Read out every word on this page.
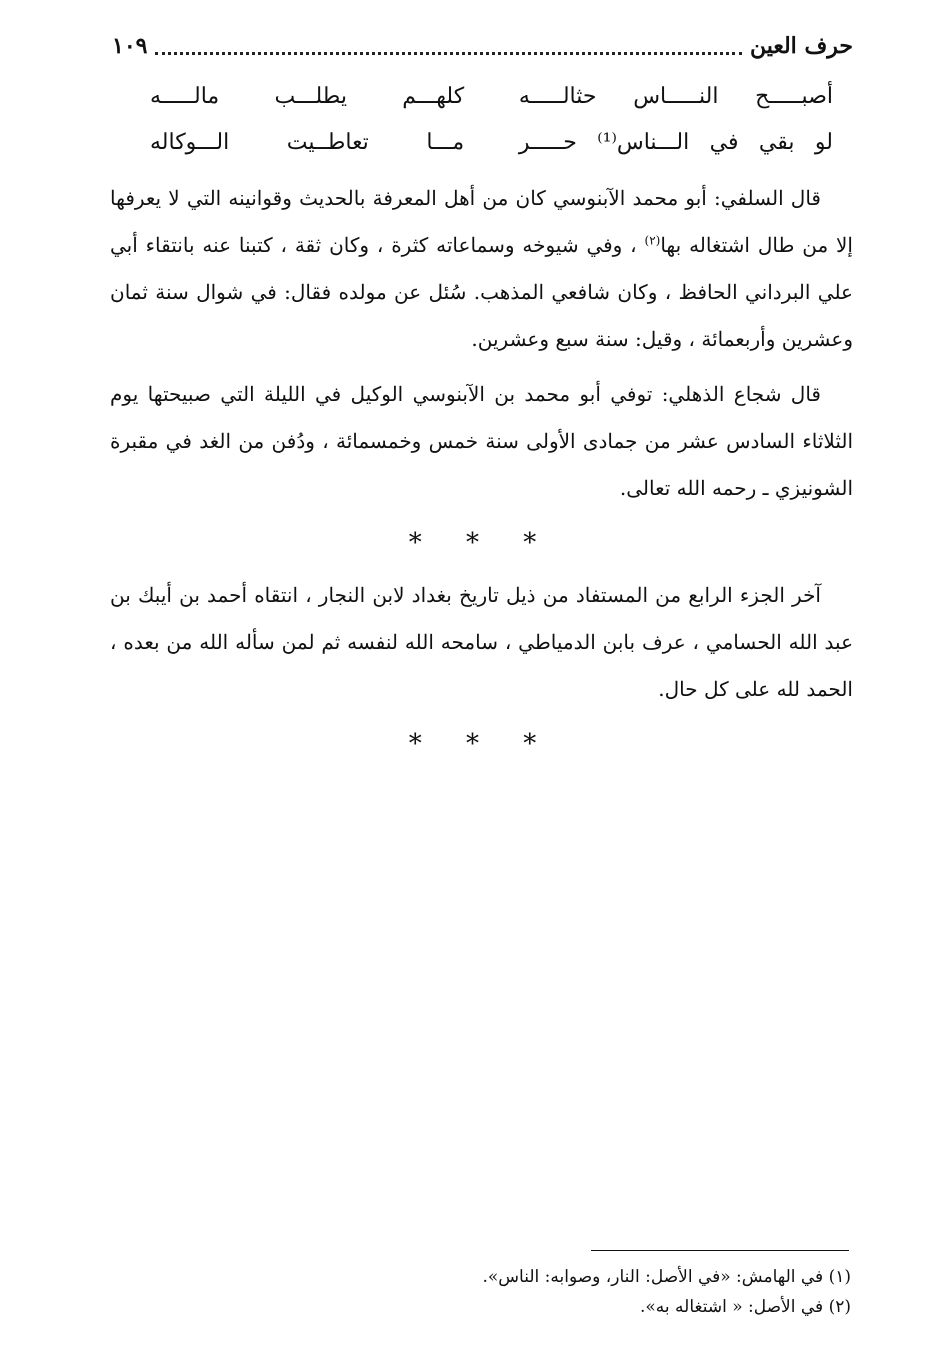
حرف العين
١٠٩
أصبـــــح النـــــاس حثالـــــه
كلهـــم يطلـــب مالـــــه
لو بقي في الـــناس⁽¹⁾ حـــــر
مـــا تعاطــيت الـــوكاله

قال السلفي: أبو محمد الآبنوسي كان من أهل المعرفة بالحديث وقوانينه التي لا يعرفها إلا من طال اشتغاله بها$^{(٢)}$ ، وفي شيوخه وسماعاته كثرة ، وكان ثقة ، كتبنا عنه بانتقاء أبي علي البرداني الحافظ ، وكان شافعي المذهب. سُئل عن مولده فقال: في شوال سنة ثمان وعشرين وأربعمائة ، وقيل: سنة سبع وعشرين.

قال شجاع الذهلي: توفي أبو محمد بن الآبنوسي الوكيل في الليلة التي صبيحتها يوم الثلاثاء السادس عشر من جمادى الأولى سنة خمس وخمسمائة ، ودُفن من الغد في مقبرة الشونيزي ـ رحمه الله تعالى.

* * *

آخر الجزء الرابع من المستفاد من ذيل تاريخ بغداد لابن النجار ، انتقاه أحمد بن أيبك بن عبد الله الحسامي ، عرف بابن الدمياطي ، سامحه الله لنفسه ثم لمن سأله الله من بعده ، الحمد لله على كل حال.

* * *
(١) في الهامش: «في الأصل: النار، وصوابه: الناس».
(٢) في الأصل: « اشتغاله به».
